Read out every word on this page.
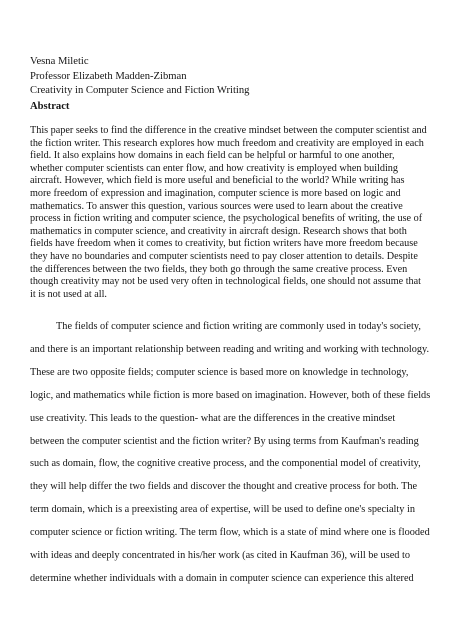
Vesna Miletic
Professor Elizabeth Madden-Zibman
Creativity in Computer Science and Fiction Writing
Abstract
This paper seeks to find the difference in the creative mindset between the computer scientist and
the fiction writer. This research explores how much freedom and creativity are employed in each
field. It also explains how domains in each field can be helpful or harmful to one another,
whether computer scientists can enter flow, and how creativity is employed when building
aircraft. However, which field is more useful and beneficial to the world? While writing has
more freedom of expression and imagination, computer science is more based on logic and
mathematics. To answer this question, various sources were used to learn about the creative
process in fiction writing and computer science, the psychological benefits of writing, the use of
mathematics in computer science, and creativity in aircraft design. Research shows that both
fields have freedom when it comes to creativity, but fiction writers have more freedom because
they have no boundaries and computer scientists need to pay closer attention to details. Despite
the differences between the two fields, they both go through the same creative process. Even
though creativity may not be used very often in technological fields, one should not assume that
it is not used at all.
The fields of computer science and fiction writing are commonly used in today's society,
and there is an important relationship between reading and writing and working with technology.
These are two opposite fields; computer science is based more on knowledge in technology,
logic, and mathematics while fiction is more based on imagination. However, both of these fields
use creativity. This leads to the question- what are the differences in the creative mindset
between the computer scientist and the fiction writer? By using terms from Kaufman's reading
such as domain, flow, the cognitive creative process, and the componential model of creativity,
they will help differ the two fields and discover the thought and creative process for both. The
term domain, which is a preexisting area of expertise, will be used to define one's specialty in
computer science or fiction writing. The term flow, which is a state of mind where one is flooded
with ideas and deeply concentrated in his/her work (as cited in Kaufman 36), will be used to
determine whether individuals with a domain in computer science can experience this altered
